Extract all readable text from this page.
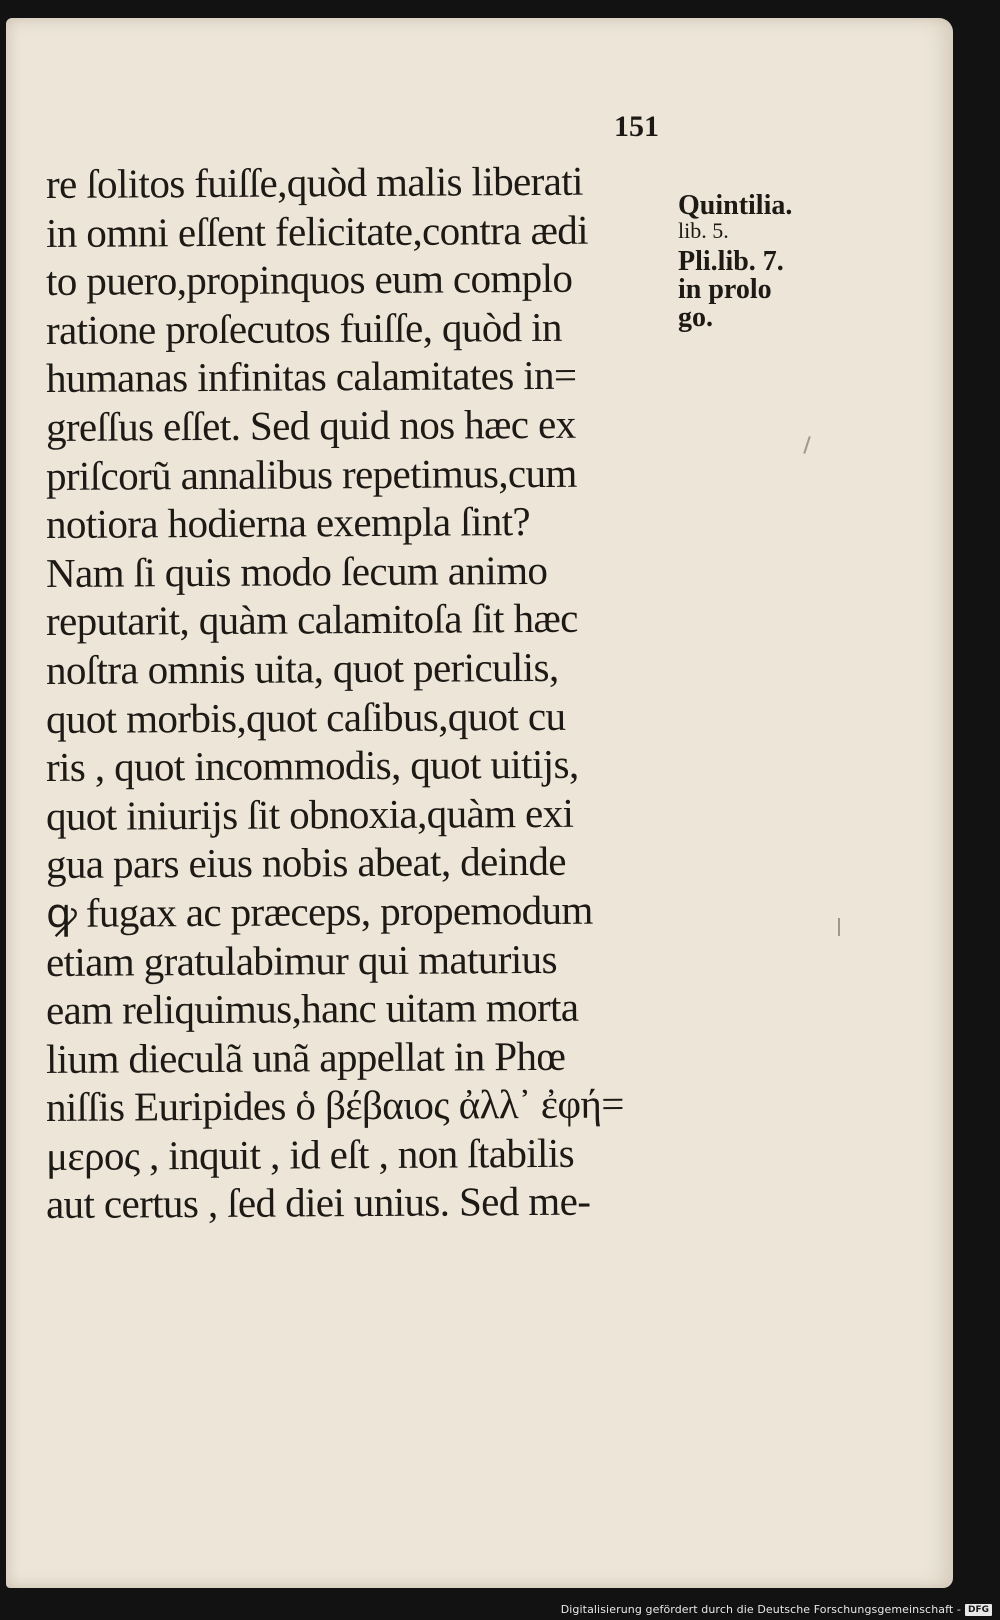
151

re ſolitos fuiſſe,quòd malis liberati
in omni eſſent felicitate,contra ædi
to puero,propinquos eum complo
ratione proſecutos fuiſſe, quòd in
humanas infinitas calamitates in=
greſſus eſſet. Sed quid nos hæc ex
priſcorũ annalibus repetimus,cum
notiora hodierna exempla ſint?
Nam ſi quis modo ſecum animo
reputarit, quàm calamitoſa ſit hæc
noſtra omnis uita, quot periculis,
quot morbis,quot caſibus,quot cu
ris , quot incommodis, quot uitijs,
quot iniurijs ſit obnoxia,quàm exi
gua pars eius nobis abeat, deinde
ꝙ fugax ac præceps, propemodum
etiam gratulabimur qui maturius
eam reliquimus,hanc uitam morta
lium dieculã unã appellat in Phœ
niſſis Euripides ὁ βέβαιος ἀλλ᾽ ἐφή=
μερος , inquit , id eſt , non ſtabilis
aut certus , ſed diei unius. Sed me-
Quintilia.
lib. 5.
Pli.lib. 7.
in prolo
go.
Digitalisierung gefördert durch die Deutsche Forschungsgemeinschaft - DFG
